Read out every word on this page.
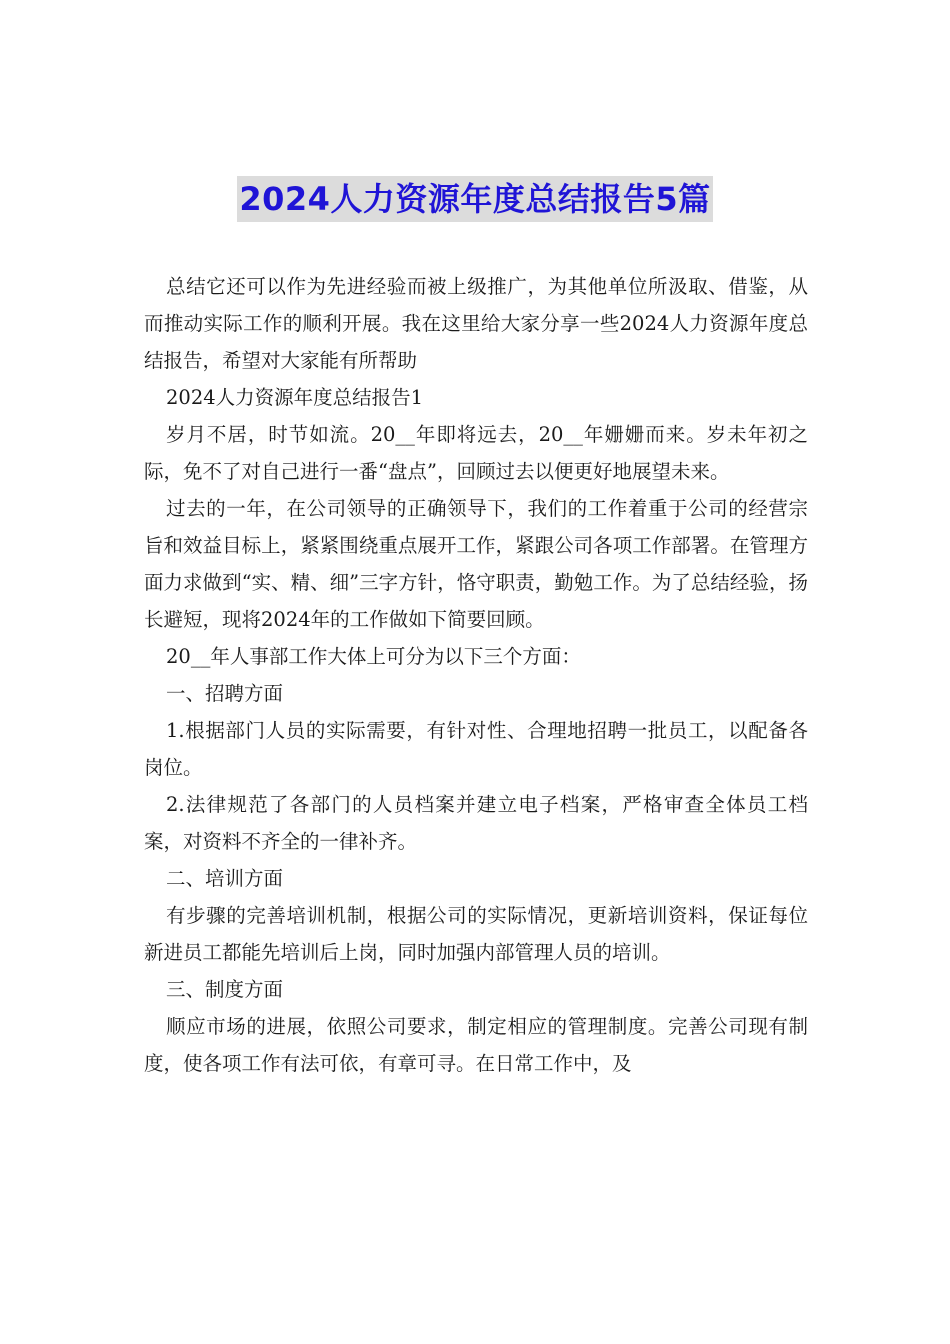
2024人力资源年度总结报告5篇

总结它还可以作为先进经验而被上级推广，为其他单位所汲取、借鉴，从而推动实际工作的顺利开展。我在这里给大家分享一些2024人力资源年度总结报告，希望对大家能有所帮助

2024人力资源年度总结报告1

岁月不居，时节如流。20__年即将远去，20__年姗姗而来。岁未年初之际，免不了对自己进行一番“盘点”，回顾过去以便更好地展望未来。

过去的一年，在公司领导的正确领导下，我们的工作着重于公司的经营宗旨和效益目标上，紧紧围绕重点展开工作，紧跟公司各项工作部署。在管理方面力求做到“实、精、细”三字方针，恪守职责，勤勉工作。为了总结经验，扬长避短，现将2024年的工作做如下简要回顾。

20__年人事部工作大体上可分为以下三个方面：

一、招聘方面

1.根据部门人员的实际需要，有针对性、合理地招聘一批员工，以配备各岗位。

2.法律规范了各部门的人员档案并建立电子档案，严格审查全体员工档案，对资料不齐全的一律补齐。

二、培训方面

有步骤的完善培训机制，根据公司的实际情况，更新培训资料，保证每位新进员工都能先培训后上岗，同时加强内部管理人员的培训。

三、制度方面

顺应市场的进展，依照公司要求，制定相应的管理制度。完善公司现有制度，使各项工作有法可依，有章可寻。在日常工作中，及
